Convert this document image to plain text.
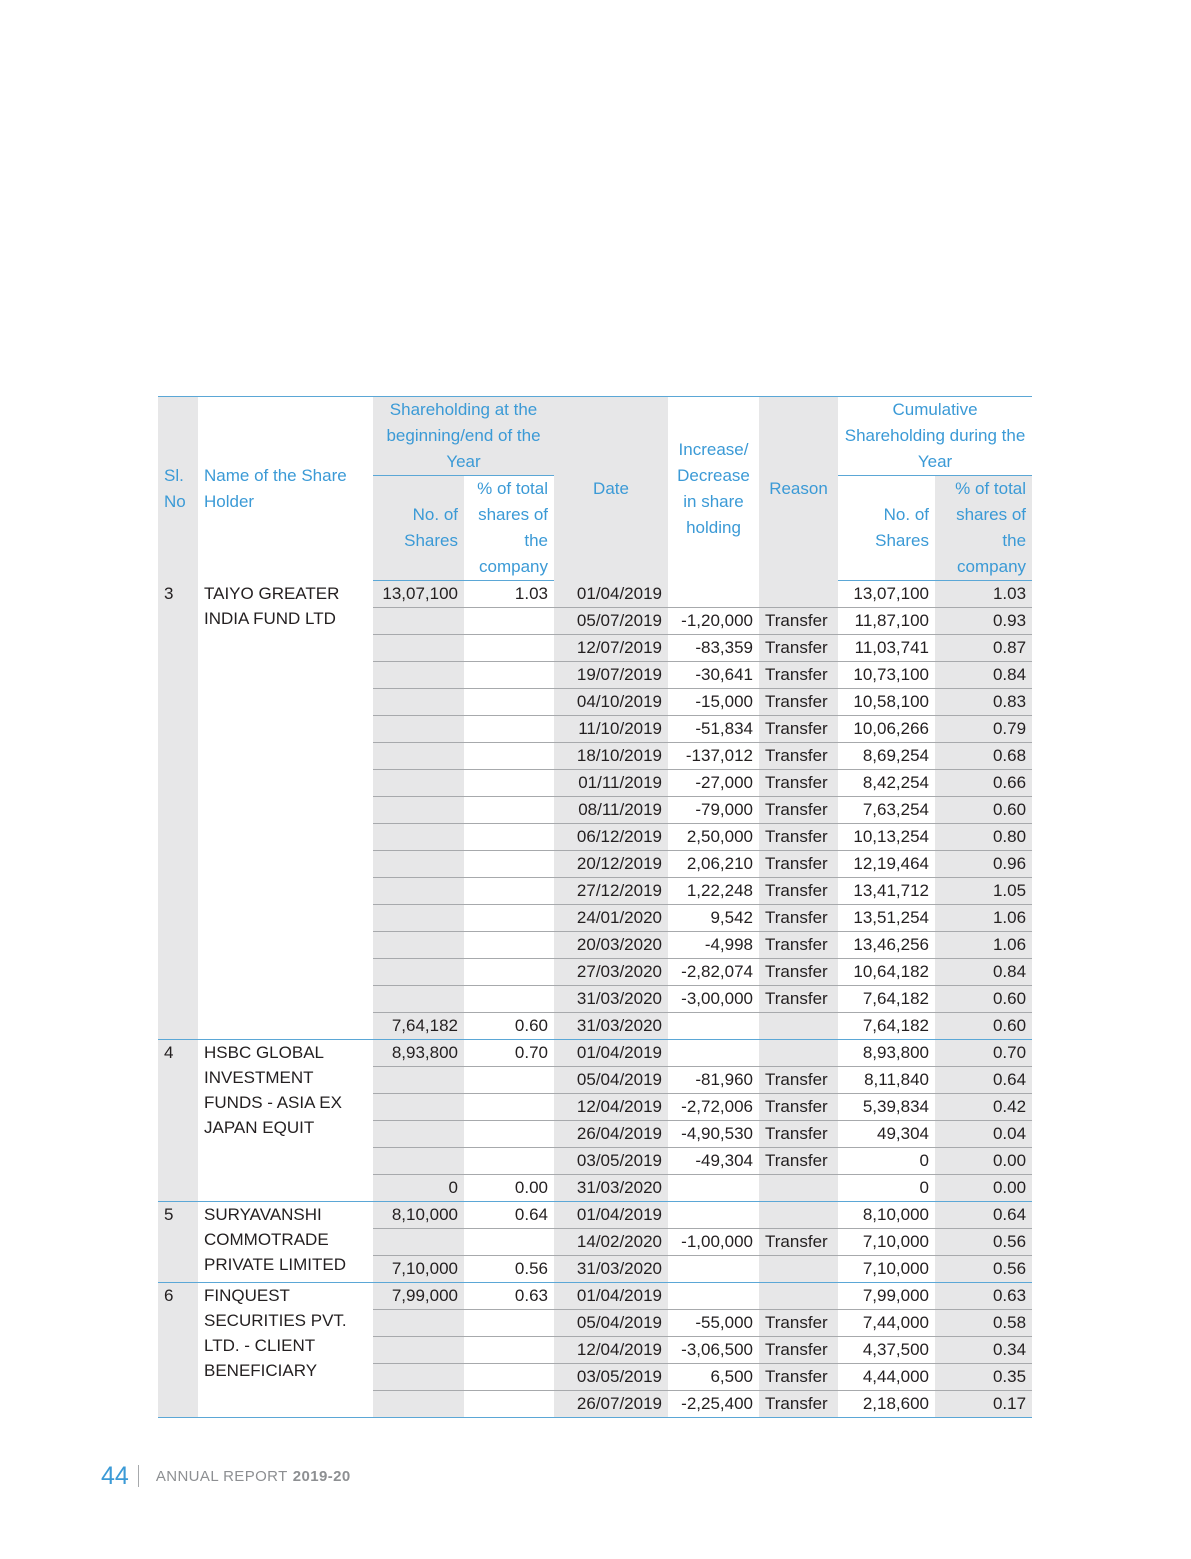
Sl. No	Name of the Share Holder	Shareholding at the beginning/end of the Year		Date	Increase/ Decrease in share holding	Reason	Cumulative Shareholding during the Year	
		No. of Shares	% of total shares of the company				No. of Shares	% of total shares of the company
3	TAIYO GREATER INDIA FUND LTD	13,07,100	1.03	01/04/2019			13,07,100	1.03
				05/07/2019	-1,20,000	Transfer	11,87,100	0.93
				12/07/2019	-83,359	Transfer	11,03,741	0.87
				19/07/2019	-30,641	Transfer	10,73,100	0.84
				04/10/2019	-15,000	Transfer	10,58,100	0.83
				11/10/2019	-51,834	Transfer	10,06,266	0.79
				18/10/2019	-137,012	Transfer	8,69,254	0.68
				01/11/2019	-27,000	Transfer	8,42,254	0.66
				08/11/2019	-79,000	Transfer	7,63,254	0.60
				06/12/2019	2,50,000	Transfer	10,13,254	0.80
				20/12/2019	2,06,210	Transfer	12,19,464	0.96
				27/12/2019	1,22,248	Transfer	13,41,712	1.05
				24/01/2020	9,542	Transfer	13,51,254	1.06
				20/03/2020	-4,998	Transfer	13,46,256	1.06
				27/03/2020	-2,82,074	Transfer	10,64,182	0.84
				31/03/2020	-3,00,000	Transfer	7,64,182	0.60
		7,64,182	0.60	31/03/2020			7,64,182	0.60
4	HSBC GLOBAL INVESTMENT FUNDS - ASIA EX JAPAN EQUIT	8,93,800	0.70	01/04/2019			8,93,800	0.70
				05/04/2019	-81,960	Transfer	8,11,840	0.64
				12/04/2019	-2,72,006	Transfer	5,39,834	0.42
				26/04/2019	-4,90,530	Transfer	49,304	0.04
				03/05/2019	-49,304	Transfer	0	0.00
		0	0.00	31/03/2020			0	0.00
5	SURYAVANSHI COMMOTRADE PRIVATE LIMITED	8,10,000	0.64	01/04/2019			8,10,000	0.64
				14/02/2020	-1,00,000	Transfer	7,10,000	0.56
		7,10,000	0.56	31/03/2020			7,10,000	0.56
6	FINQUEST SECURITIES PVT. LTD. - CLIENT BENEFICIARY	7,99,000	0.63	01/04/2019			7,99,000	0.63
				05/04/2019	-55,000	Transfer	7,44,000	0.58
				12/04/2019	-3,06,500	Transfer	4,37,500	0.34
				03/05/2019	6,500	Transfer	4,44,000	0.35
				26/07/2019	-2,25,400	Transfer	2,18,600	0.17
44 ANNUAL REPORT 2019-20
